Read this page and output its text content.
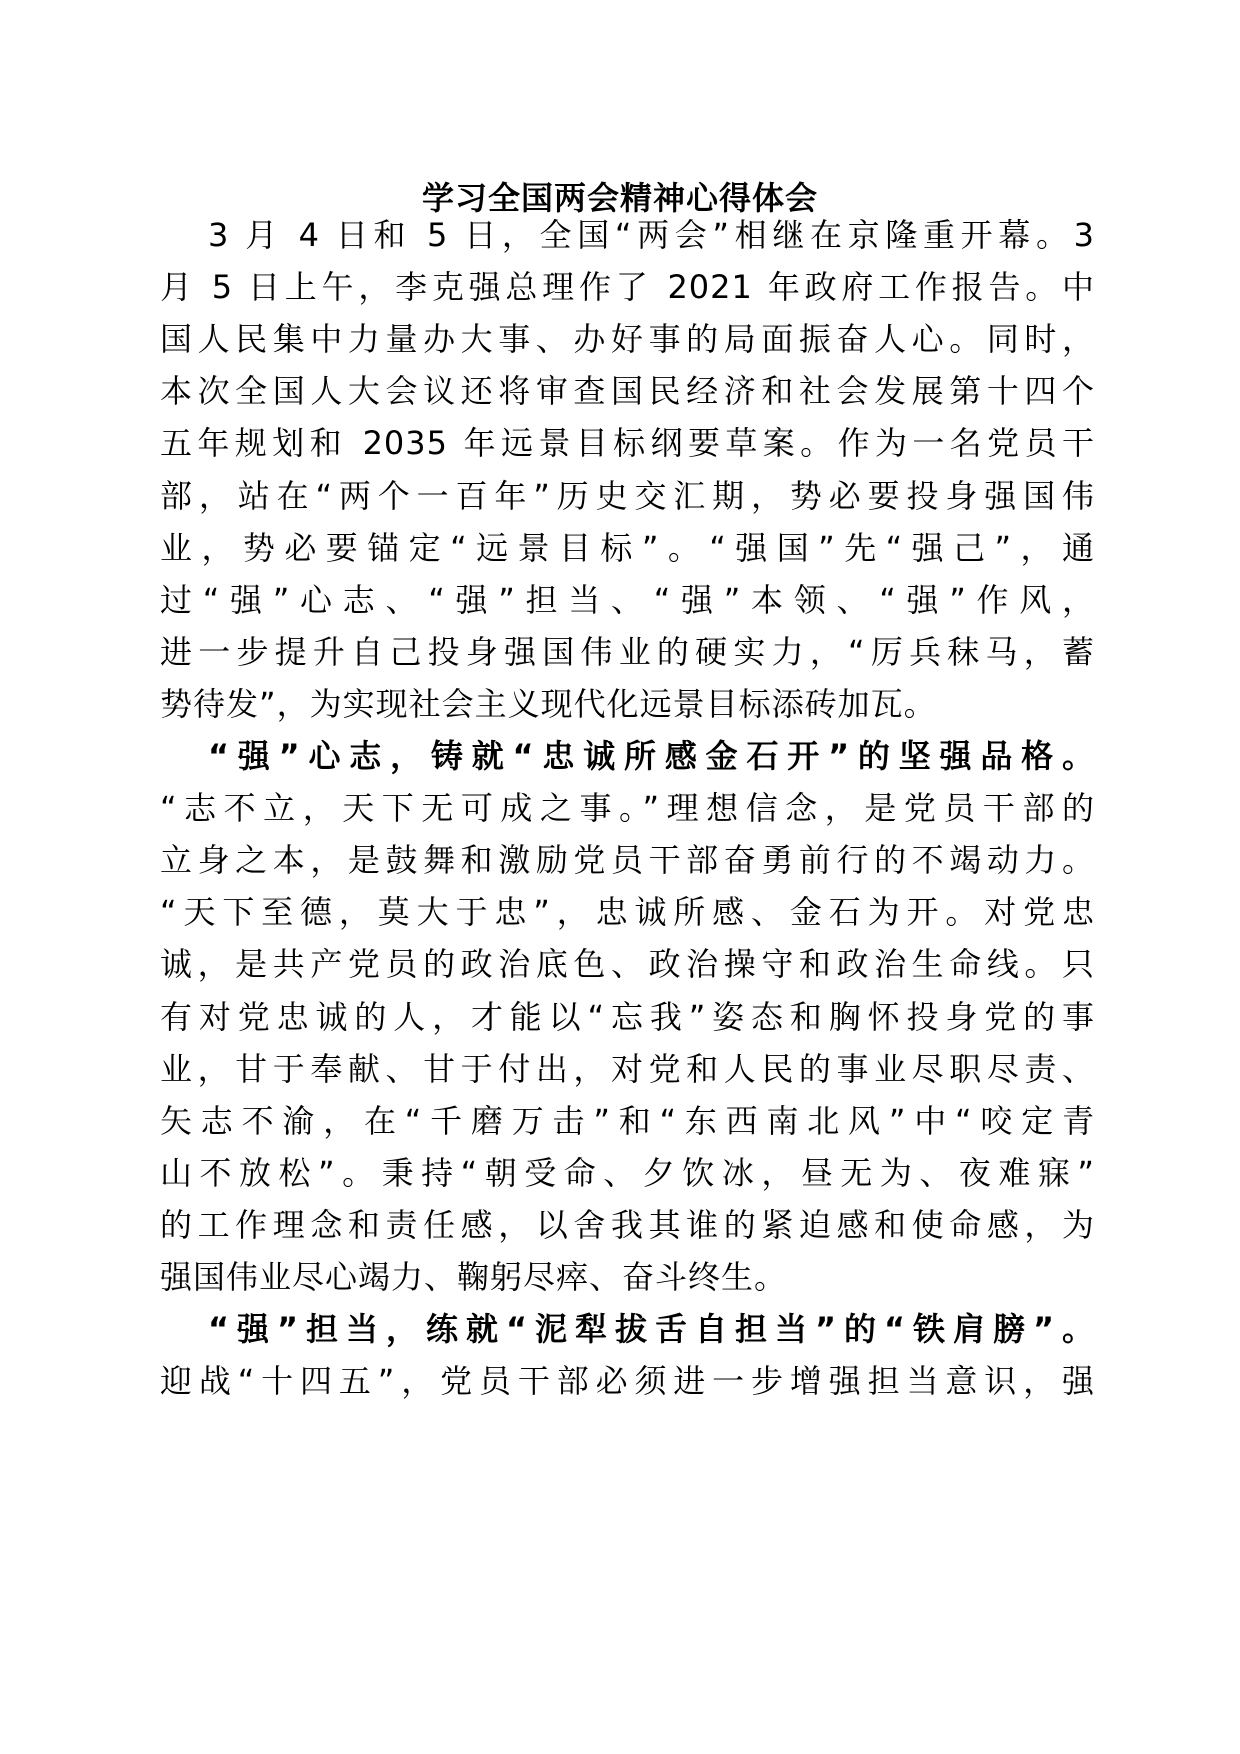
学习全国两会精神心得体会
3 月 4 日和 5 日，全国“两会”相继在京隆重开幕。3
月 5 日上午，李克强总理作了 2021 年政府工作报告。中
国人民集中力量办大事、办好事的局面振奋人心。同时，
本次全国人大会议还将审查国民经济和社会发展第十四个
五年规划和 2035 年远景目标纲要草案。作为一名党员干
部，站在“两个一百年”历史交汇期，势必要投身强国伟
业，势必要锚定“远景目标”。“强国”先“强己”，通
过“强”心志、“强”担当、“强”本领、“强”作风，
进一步提升自己投身强国伟业的硬实力，“厉兵秣马，蓄
势待发”，为实现社会主义现代化远景目标添砖加瓦。
“强”心志，铸就“忠诚所感金石开”的坚强品格。
“志不立，天下无可成之事。”理想信念，是党员干部的
立身之本，是鼓舞和激励党员干部奋勇前行的不竭动力。
“天下至德，莫大于忠”，忠诚所感、金石为开。对党忠
诚，是共产党员的政治底色、政治操守和政治生命线。只
有对党忠诚的人，才能以“忘我”姿态和胸怀投身党的事
业，甘于奉献、甘于付出，对党和人民的事业尽职尽责、
矢志不渝，在“千磨万击”和“东西南北风”中“咬定青
山不放松”。秉持“朝受命、夕饮冰，昼无为、夜难寐”
的工作理念和责任感，以舍我其谁的紧迫感和使命感，为
强国伟业尽心竭力、鞠躬尽瘁、奋斗终生。
“强”担当，练就“泥犁拔舌自担当”的“铁肩膀”。
迎战“十四五”，党员干部必须进一步增强担当意识，强
